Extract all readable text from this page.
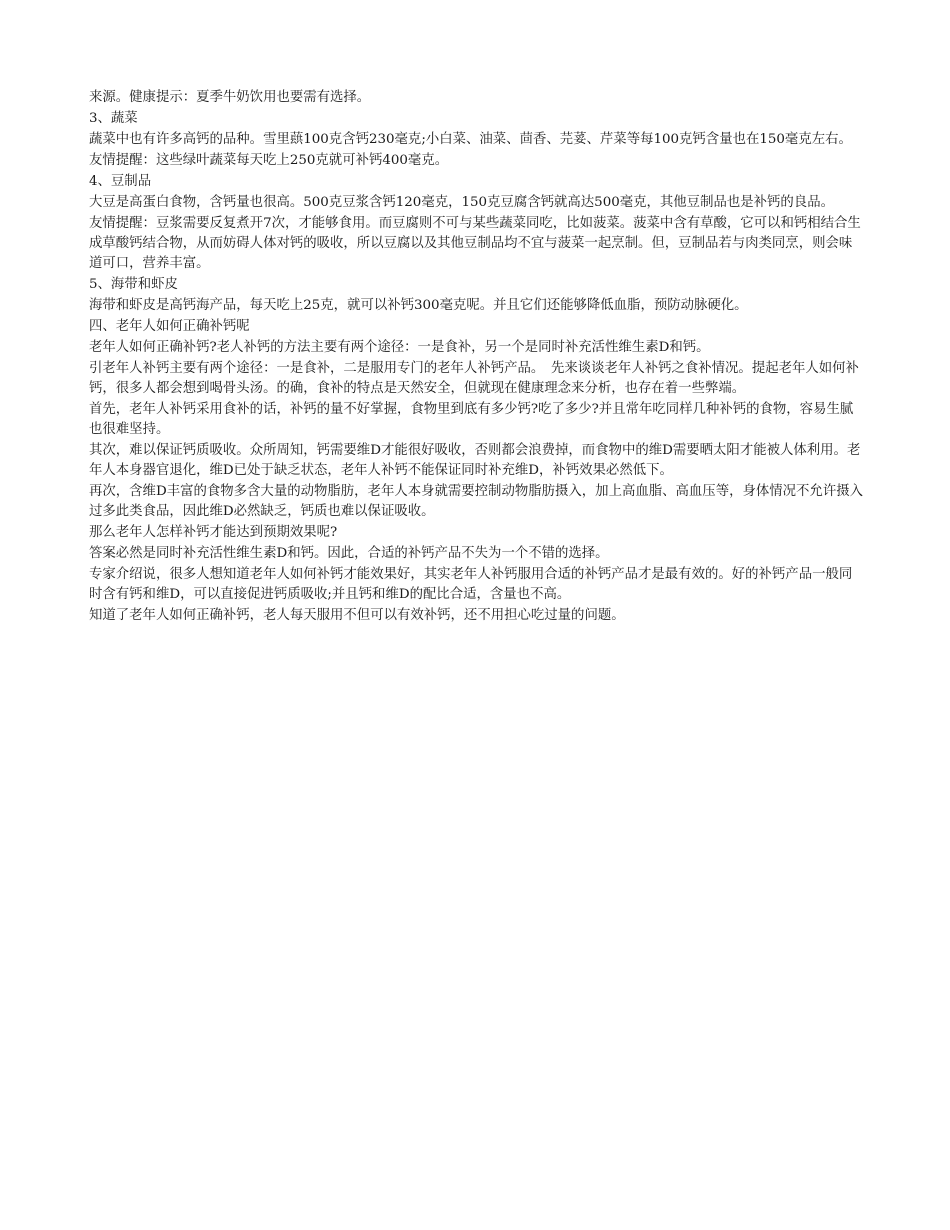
来源。健康提示：夏季牛奶饮用也要需有选择。

3、蔬菜

蔬菜中也有许多高钙的品种。雪里蕻100克含钙230毫克;小白菜、油菜、茴香、芫荽、芹菜等每100克钙含量也在150毫克左右。

友情提醒：这些绿叶蔬菜每天吃上250克就可补钙400毫克。

4、豆制品

大豆是高蛋白食物，含钙量也很高。500克豆浆含钙120毫克，150克豆腐含钙就高达500毫克，其他豆制品也是补钙的良品。

友情提醒：豆浆需要反复煮开7次，才能够食用。而豆腐则不可与某些蔬菜同吃，比如菠菜。菠菜中含有草酸，它可以和钙相结合生成草酸钙结合物，从而妨碍人体对钙的吸收，所以豆腐以及其他豆制品均不宜与菠菜一起烹制。但，豆制品若与肉类同烹，则会味道可口，营养丰富。

5、海带和虾皮

海带和虾皮是高钙海产品，每天吃上25克，就可以补钙300毫克呢。并且它们还能够降低血脂，预防动脉硬化。

四、老年人如何正确补钙呢

老年人如何正确补钙?老人补钙的方法主要有两个途径：一是食补，另一个是同时补充活性维生素D和钙。

引老年人补钙主要有两个途径：一是食补，二是服用专门的老年人补钙产品。　先来谈谈老年人补钙之食补情况。提起老年人如何补钙，很多人都会想到喝骨头汤。的确，食补的特点是天然安全，但就现在健康理念来分析，也存在着一些弊端。

首先，老年人补钙采用食补的话，补钙的量不好掌握，食物里到底有多少钙?吃了多少?并且常年吃同样几种补钙的食物，容易生腻也很难坚持。

其次，难以保证钙质吸收。众所周知，钙需要维D才能很好吸收，否则都会浪费掉，而食物中的维D需要晒太阳才能被人体利用。老年人本身器官退化，维D已处于缺乏状态，老年人补钙不能保证同时补充维D，补钙效果必然低下。

再次，含维D丰富的食物多含大量的动物脂肪，老年人本身就需要控制动物脂肪摄入，加上高血脂、高血压等，身体情况不允许摄入过多此类食品，因此维D必然缺乏，钙质也难以保证吸收。

那么老年人怎样补钙才能达到预期效果呢?

答案必然是同时补充活性维生素D和钙。因此，合适的补钙产品不失为一个不错的选择。

专家介绍说，很多人想知道老年人如何补钙才能效果好，其实老年人补钙服用合适的补钙产品才是最有效的。好的补钙产品一般同时含有钙和维D，可以直接促进钙质吸收;并且钙和维D的配比合适，含量也不高。

知道了老年人如何正确补钙，老人每天服用不但可以有效补钙，还不用担心吃过量的问题。
